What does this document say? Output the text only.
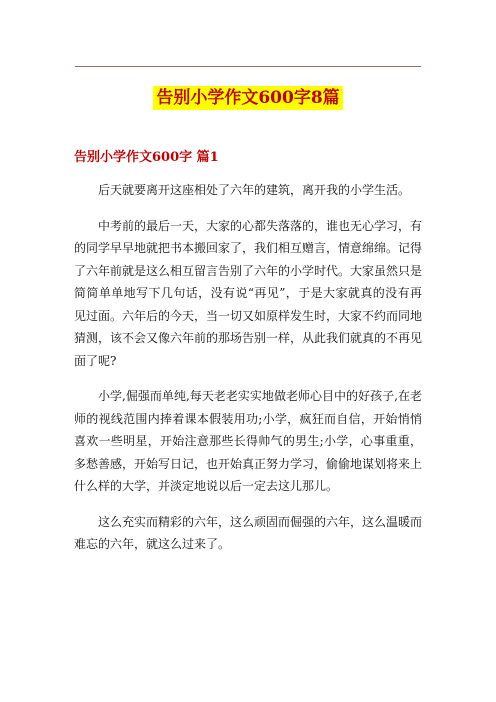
告别小学作文600字8篇
告别小学作文600字 篇1

后天就要离开这座相处了六年的建筑，离开我的小学生活。

中考前的最后一天，大家的心都失落落的，谁也无心学习，有的同学早早地就把书本搬回家了，我们相互赠言，情意绵绵。记得了六年前就是这么相互留言告别了六年的小学时代。大家虽然只是简简单单地写下几句话，没有说“再见”，于是大家就真的没有再见过面。六年后的今天，当一切又如原样发生时，大家不约而同地猜测，该不会又像六年前的那场告别一样，从此我们就真的不再见面了呢?

小学,倔强而单纯,每天老老实实地做老师心目中的好孩子,在老师的视线范围内捧着课本假装用功;小学，疯狂而自信，开始悄悄喜欢一些明星，开始注意那些长得帅气的男生;小学，心事重重，多愁善感，开始写日记，也开始真正努力学习，偷偷地谋划将来上什么样的大学，并淡定地说以后一定去这儿那儿。

这么充实而精彩的六年，这么顽固而倔强的六年，这么温暖而难忘的六年，就这么过来了。
